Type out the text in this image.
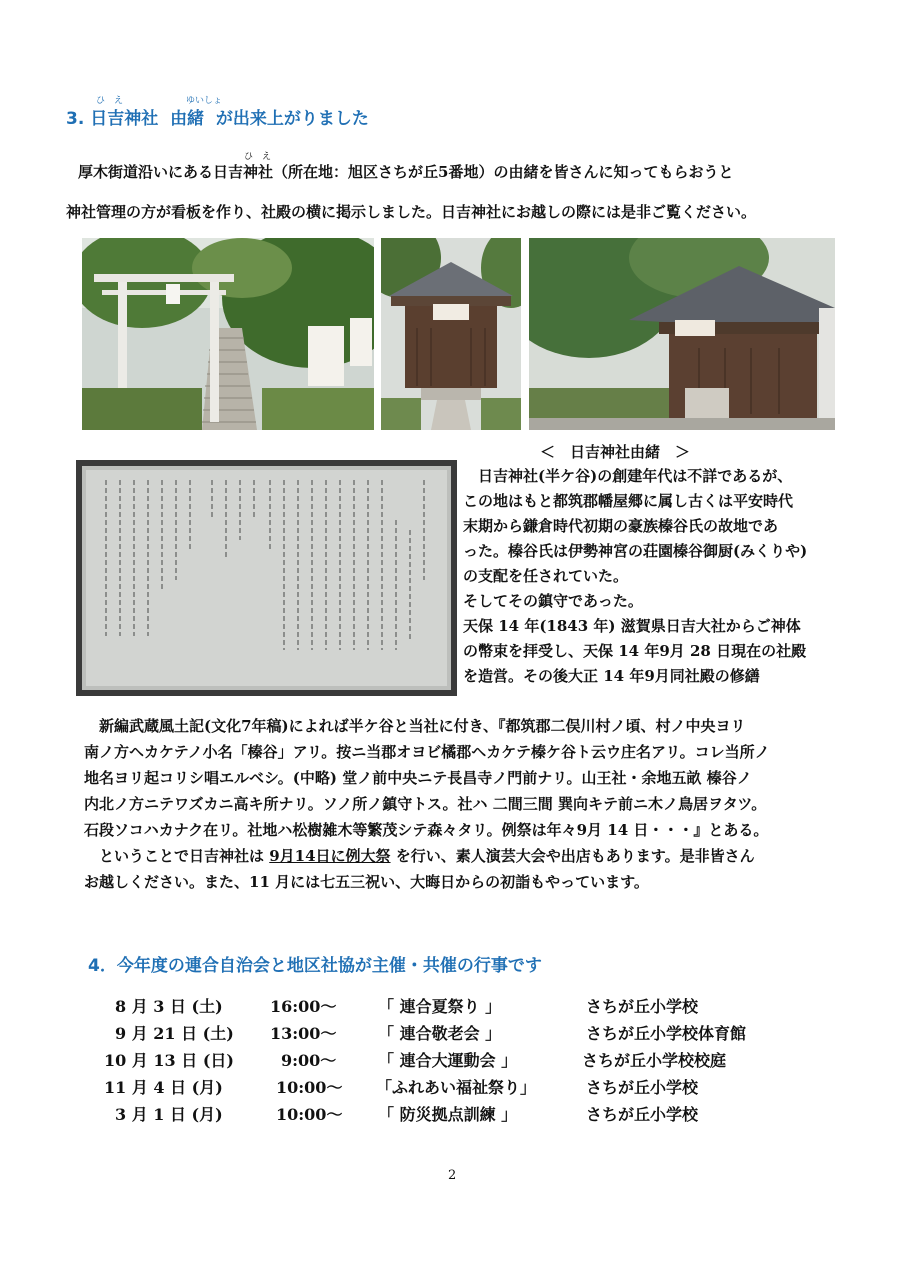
ひ　え	ゆいしょ
3. 日吉神社 由緒 が出来上がりました
ひ　え
厚木街道沿いにある日吉神社（所在地：旭区さちが丘5番地）の由緒を皆さんに知ってもらおうと
神社管理の方が看板を作り、社殿の横に掲示しました。日吉神社にお越しの際には是非ご覧ください。
＜　日吉神社由緒　＞
　日吉神社(半ケ谷)の創建年代は不詳であるが、
この地はもと都筑郡幡屋郷に属し古くは平安時代
末期から鎌倉時代初期の豪族榛谷氏の故地であ
った。榛谷氏は伊勢神宮の荘園榛谷御厨(みくりや)
の支配を任されていた。
そしてその鎮守であった。
天保 14 年(1843 年) 滋賀県日吉大社からご神体
の幣束を拝受し、天保 14 年9月 28 日現在の社殿
を造営。その後大正 14 年9月同社殿の修繕
　新編武蔵風土記(文化7年稿)によれば半ケ谷と当社に付き、『都筑郡二俣川村ノ頃、村ノ中央ヨリ
南ノ方ヘカケテノ小名「榛谷」アリ。按ニ当郡オヨビ橘郡ヘカケテ榛ケ谷ト云ウ庄名アリ。コレ当所ノ
地名ヨリ起コリシ唱エルベシ。(中略) 堂ノ前中央ニテ長昌寺ノ門前ナリ。山王社・余地五畝 榛谷ノ
内北ノ方ニテワズカニ高キ所ナリ。ソノ所ノ鎮守トス。社ハ 二間三間 巽向キテ前ニ木ノ鳥居ヲタツ。
石段ソコハカナク在リ。社地ハ松樹雑木等繁茂シテ森々タリ。例祭は年々9月 14 日・・・』とある。
　ということで日吉神社は 9月14日に例大祭 を行い、素人演芸大会や出店もあります。是非皆さん
お越しください。また、11 月には七五三祝い、大晦日からの初詣もやっています。
4．今年度の連合自治会と地区社協が主催・共催の行事です
8 月 3 日 (土)	16:00～	「 連合夏祭り 」	さちが丘小学校
9 月 21 日 (土) 13:00～	「 連合敬老会 」	さちが丘小学校体育館
10 月 13 日 (日)	9:00～	「 連合大運動会 」	さちが丘小学校校庭
11 月 4 日 (月)	10:00～ 「ふれあい福祉祭り」	さちが丘小学校
3 月 1 日 (月)	10:00～ 「 防災拠点訓練 」	さちが丘小学校
2
